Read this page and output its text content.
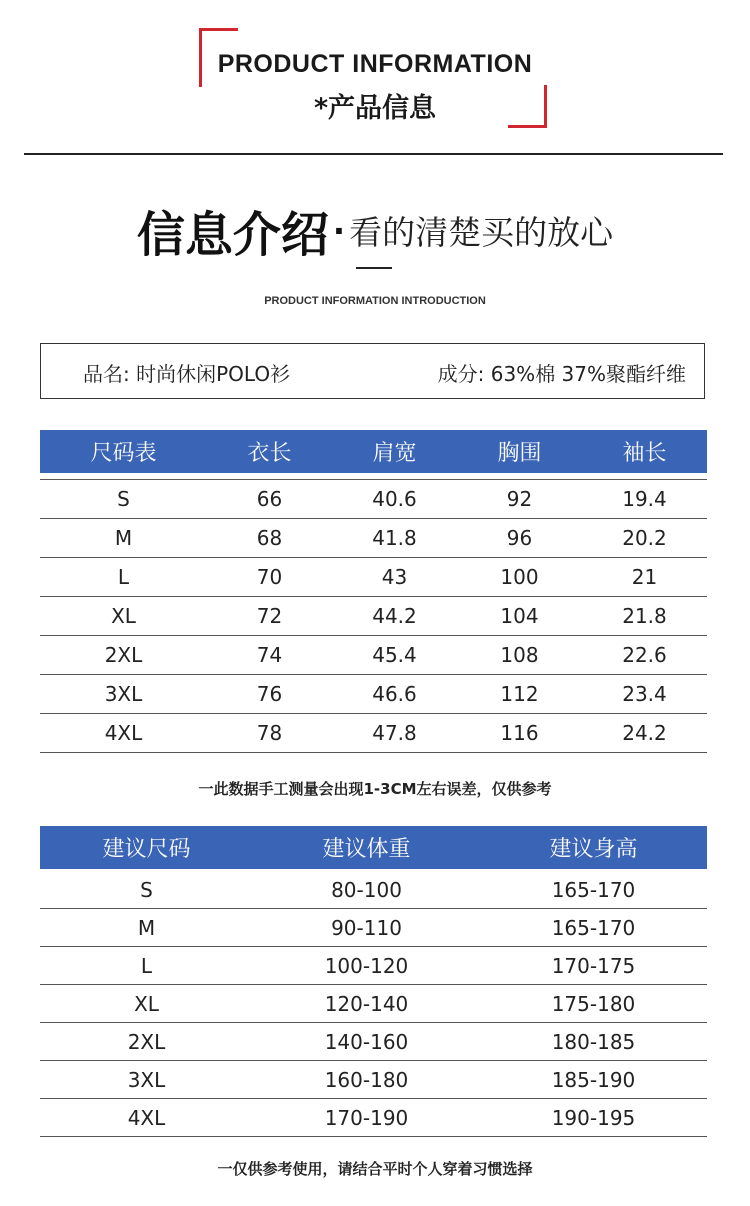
PRODUCT INFORMATION
*产品信息
信息介绍 · 看的清楚买的放心
PRODUCT INFORMATION INTRODUCTION
品名: 时尚休闲POLO衫	成分: 63%棉 37%聚酯纤维
尺码表	衣长	肩宽	胸围	袖长
S	66	40.6	92	19.4
M	68	41.8	96	20.2
L	70	43	100	21
XL	72	44.2	104	21.8
2XL	74	45.4	108	22.6
3XL	76	46.6	112	23.4
4XL	78	47.8	116	24.2
一此数据手工测量会出现1-3CM左右误差，仅供参考
建议尺码	建议体重	建议身高
S	80-100	165-170
M	90-110	165-170
L	100-120	170-175
XL	120-140	175-180
2XL	140-160	180-185
3XL	160-180	185-190
4XL	170-190	190-195
一仅供参考使用，请结合平时个人穿着习惯选择
